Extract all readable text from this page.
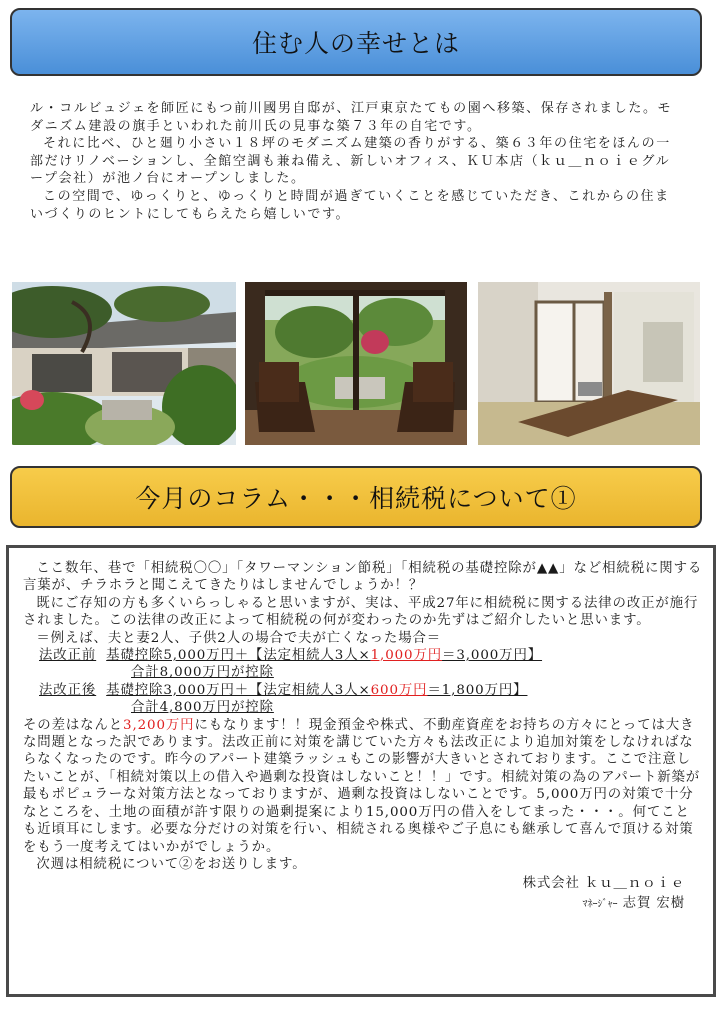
住む人の幸せとは

ル・コルビュジェを師匠にもつ前川國男自邸が、江戸東京たてもの園へ移築、保存されました。モダニズム建設の旗手といわれた前川氏の見事な築７３年の自宅です。

それに比べ、ひと廻り小さい１８坪のモダニズム建築の香りがする、築６３年の住宅をほんの一部だけリノベーションし、全館空調も兼ね備え、新しいオフィス、ＫＵ本店（ｋｕ＿ｎｏｉｅグループ会社）が池ノ台にオープンしました。

この空間で、ゆっくりと、ゆっくりと時間が過ぎていくことを感じていただき、これからの住まいづくりのヒントにしてもらえたら嬉しいです。

今月のコラム・・・相続税について①

ここ数年、巷で「相続税〇〇」「タワーマンション節税」「相続税の基礎控除が▲▲」など相続税に関する言葉が、チラホラと聞こえてきたりはしませんでしょうか！？

既にご存知の方も多くいらっしゃると思いますが、実は、平成27年に相続税に関する法律の改正が施行されました。この法律の改正によって相続税の何が変わったのか先ずはご紹介したいと思います。

＝例えば、夫と妻2人、子供2人の場合で夫が亡くなった場合＝

法改正前 基礎控除5,000万円＋【法定相続人3人×1,000万円＝3,000万円】
合計8,000万円が控除
法改正後 基礎控除3,000万円＋【法定相続人3人×600万円＝1,800万円】
合計4,800万円が控除

その差はなんと3,200万円にもなります！！現金預金や株式、不動産資産をお持ちの方々にとっては大きな問題となった訳であります。法改正前に対策を講じていた方々も法改正により追加対策をしなければならなくなったのです。昨今のアパート建築ラッシュもこの影響が大きいとされております。ここで注意したいことが、「相続対策以上の借入や過剰な投資はしないこと！！」です。相続対策の為のアパート新築が最もポピュラーな対策方法となっておりますが、過剰な投資はしないことです。5,000万円の対策で十分なところを、土地の面積が許す限りの過剰提案により15,000万円の借入をしてまった・・・。何てことも近頃耳にします。必要な分だけの対策を行い、相続される奥様やご子息にも継承して喜んで頂ける対策をもう一度考えてはいかがでしょうか。

次週は相続税について②をお送りします。

株式会社 ｋｕ＿ｎｏｉｅ
ﾏﾈｰｼﾞｬｰ 志賀 宏樹
